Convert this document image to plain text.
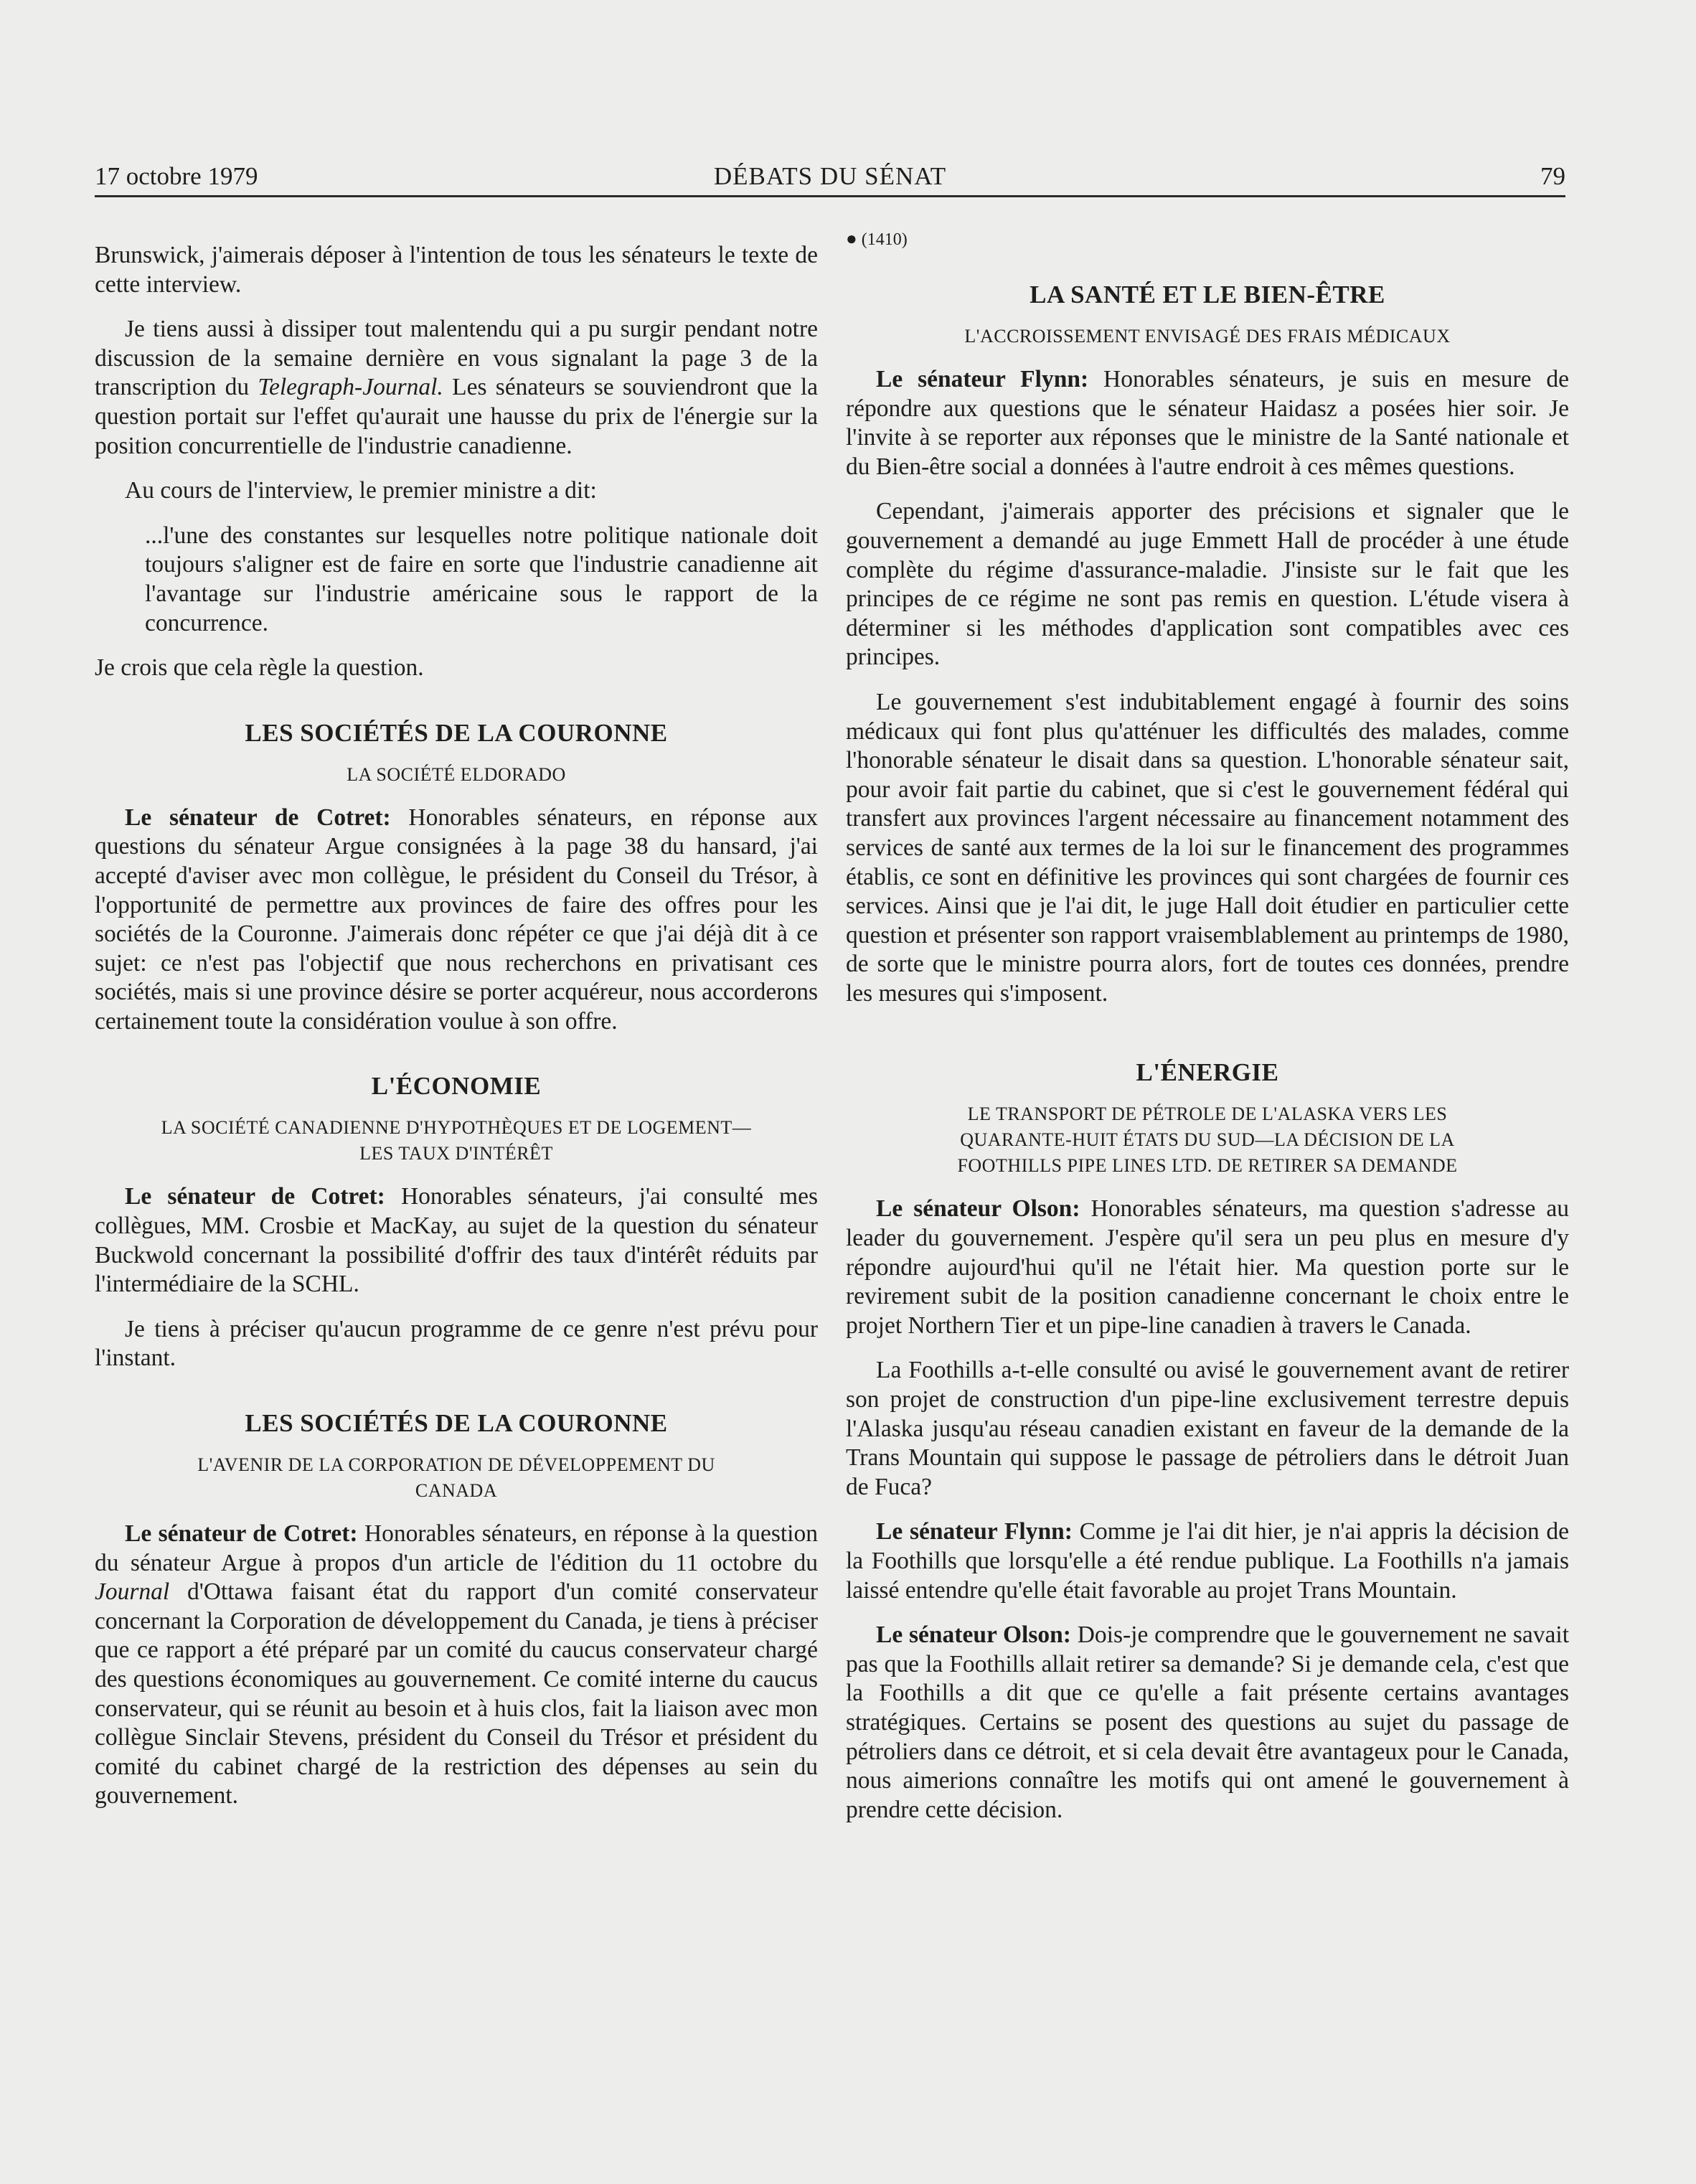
17 octobre 1979	DÉBATS DU SÉNAT	79

Brunswick, j'aimerais déposer à l'intention de tous les sénateurs le texte de cette interview.

Je tiens aussi à dissiper tout malentendu qui a pu surgir pendant notre discussion de la semaine dernière en vous signalant la page 3 de la transcription du Telegraph-Journal. Les sénateurs se souviendront que la question portait sur l'effet qu'aurait une hausse du prix de l'énergie sur la position concurrentielle de l'industrie canadienne.

Au cours de l'interview, le premier ministre a dit:

...l'une des constantes sur lesquelles notre politique nationale doit toujours s'aligner est de faire en sorte que l'industrie canadienne ait l'avantage sur l'industrie américaine sous le rapport de la concurrence.

Je crois que cela règle la question.

LES SOCIÉTÉS DE LA COURONNE
LA SOCIÉTÉ ELDORADO

Le sénateur de Cotret: Honorables sénateurs, en réponse aux questions du sénateur Argue consignées à la page 38 du hansard, j'ai accepté d'aviser avec mon collègue, le président du Conseil du Trésor, à l'opportunité de permettre aux provinces de faire des offres pour les sociétés de la Couronne. J'aimerais donc répéter ce que j'ai déjà dit à ce sujet: ce n'est pas l'objectif que nous recherchons en privatisant ces sociétés, mais si une province désire se porter acquéreur, nous accorderons certainement toute la considération voulue à son offre.

L'ÉCONOMIE
LA SOCIÉTÉ CANADIENNE D'HYPOTHÈQUES ET DE LOGEMENT—
LES TAUX D'INTÉRÊT

Le sénateur de Cotret: Honorables sénateurs, j'ai consulté mes collègues, MM. Crosbie et MacKay, au sujet de la question du sénateur Buckwold concernant la possibilité d'offrir des taux d'intérêt réduits par l'intermédiaire de la SCHL.

Je tiens à préciser qu'aucun programme de ce genre n'est prévu pour l'instant.

LES SOCIÉTÉS DE LA COURONNE
L'AVENIR DE LA CORPORATION DE DÉVELOPPEMENT DU
CANADA

Le sénateur de Cotret: Honorables sénateurs, en réponse à la question du sénateur Argue à propos d'un article de l'édition du 11 octobre du Journal d'Ottawa faisant état du rapport d'un comité conservateur concernant la Corporation de développement du Canada, je tiens à préciser que ce rapport a été préparé par un comité du caucus conservateur chargé des questions économiques au gouvernement. Ce comité interne du caucus conservateur, qui se réunit au besoin et à huis clos, fait la liaison avec mon collègue Sinclair Stevens, président du Conseil du Trésor et président du comité du cabinet chargé de la restriction des dépenses au sein du gouvernement.

● (1410)

LA SANTÉ ET LE BIEN-ÊTRE
L'ACCROISSEMENT ENVISAGÉ DES FRAIS MÉDICAUX

Le sénateur Flynn: Honorables sénateurs, je suis en mesure de répondre aux questions que le sénateur Haidasz a posées hier soir. Je l'invite à se reporter aux réponses que le ministre de la Santé nationale et du Bien-être social a données à l'autre endroit à ces mêmes questions.

Cependant, j'aimerais apporter des précisions et signaler que le gouvernement a demandé au juge Emmett Hall de procéder à une étude complète du régime d'assurance-maladie. J'insiste sur le fait que les principes de ce régime ne sont pas remis en question. L'étude visera à déterminer si les méthodes d'application sont compatibles avec ces principes.

Le gouvernement s'est indubitablement engagé à fournir des soins médicaux qui font plus qu'atténuer les difficultés des malades, comme l'honorable sénateur le disait dans sa question. L'honorable sénateur sait, pour avoir fait partie du cabinet, que si c'est le gouvernement fédéral qui transfert aux provinces l'argent nécessaire au financement notamment des services de santé aux termes de la loi sur le financement des programmes établis, ce sont en définitive les provinces qui sont chargées de fournir ces services. Ainsi que je l'ai dit, le juge Hall doit étudier en particulier cette question et présenter son rapport vraisemblablement au printemps de 1980, de sorte que le ministre pourra alors, fort de toutes ces données, prendre les mesures qui s'imposent.

L'ÉNERGIE
LE TRANSPORT DE PÉTROLE DE L'ALASKA VERS LES
QUARANTE-HUIT ÉTATS DU SUD—LA DÉCISION DE LA
FOOTHILLS PIPE LINES LTD. DE RETIRER SA DEMANDE

Le sénateur Olson: Honorables sénateurs, ma question s'adresse au leader du gouvernement. J'espère qu'il sera un peu plus en mesure d'y répondre aujourd'hui qu'il ne l'était hier. Ma question porte sur le revirement subit de la position canadienne concernant le choix entre le projet Northern Tier et un pipe-line canadien à travers le Canada.

La Foothills a-t-elle consulté ou avisé le gouvernement avant de retirer son projet de construction d'un pipe-line exclusivement terrestre depuis l'Alaska jusqu'au réseau canadien existant en faveur de la demande de la Trans Mountain qui suppose le passage de pétroliers dans le détroit Juan de Fuca?

Le sénateur Flynn: Comme je l'ai dit hier, je n'ai appris la décision de la Foothills que lorsqu'elle a été rendue publique. La Foothills n'a jamais laissé entendre qu'elle était favorable au projet Trans Mountain.

Le sénateur Olson: Dois-je comprendre que le gouvernement ne savait pas que la Foothills allait retirer sa demande? Si je demande cela, c'est que la Foothills a dit que ce qu'elle a fait présente certains avantages stratégiques. Certains se posent des questions au sujet du passage de pétroliers dans ce détroit, et si cela devait être avantageux pour le Canada, nous aimerions connaître les motifs qui ont amené le gouvernement à prendre cette décision.
